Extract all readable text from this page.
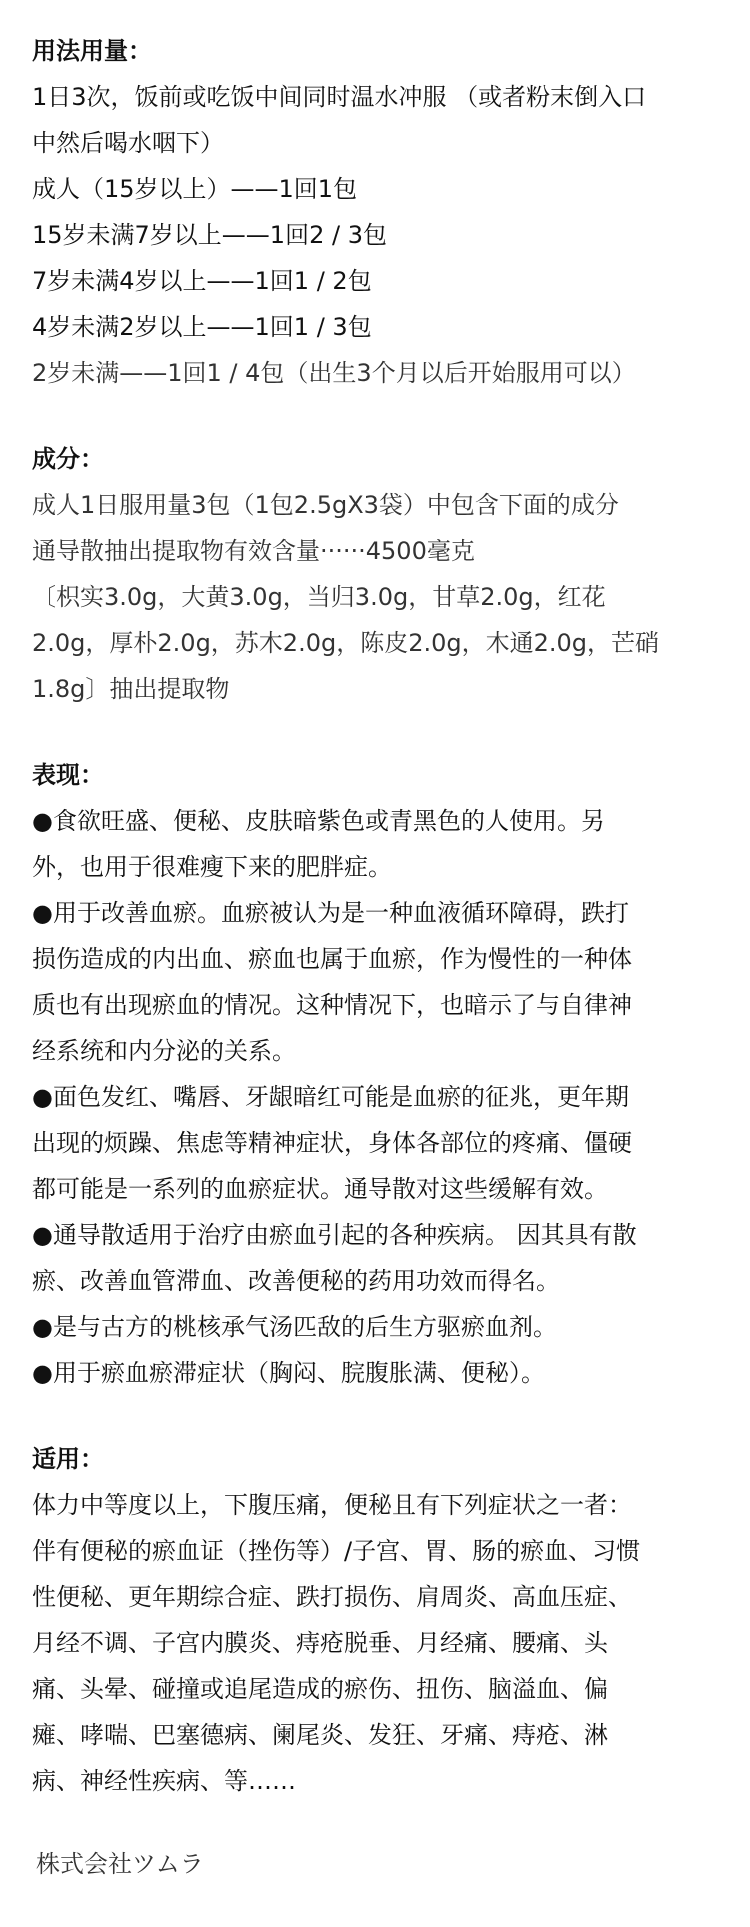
用法用量：

1日3次，饭前或吃饭中间同时温水冲服 （或者粉末倒入口

中然后喝水咽下）

成人（15岁以上）——1回1包

15岁未满7岁以上——1回2 / 3包

7岁未满4岁以上——1回1 / 2包

4岁未满2岁以上——1回1 / 3包

2岁未满——1回1 / 4包（出生3个月以后开始服用可以）

成分：

成人1日服用量3包（1包2.5gX3袋）中包含下面的成分

通导散抽出提取物有效含量······4500毫克

〔枳实3.0g，大黄3.0g，当归3.0g，甘草2.0g，红花

2.0g，厚朴2.0g，苏木2.0g，陈皮2.0g，木通2.0g，芒硝

1.8g〕抽出提取物

表现：

●食欲旺盛、便秘、皮肤暗紫色或青黑色的人使用。另

外，也用于很难瘦下来的肥胖症。

●用于改善血瘀。血瘀被认为是一种血液循环障碍，跌打

损伤造成的内出血、瘀血也属于血瘀，作为慢性的一种体

质也有出现瘀血的情况。这种情况下，也暗示了与自律神

经系统和内分泌的关系。

●面色发红、嘴唇、牙龈暗红可能是血瘀的征兆，更年期

出现的烦躁、焦虑等精神症状，身体各部位的疼痛、僵硬

都可能是一系列的血瘀症状。通导散对这些缓解有效。

●通导散适用于治疗由瘀血引起的各种疾病。 因其具有散

瘀、改善血管滞血、改善便秘的药用功效而得名。

●是与古方的桃核承气汤匹敌的后生方驱瘀血剂。

●用于瘀血瘀滞症状（胸闷、脘腹胀满、便秘）。

适用：

体力中等度以上，下腹压痛，便秘且有下列症状之一者：

伴有便秘的瘀血证（挫伤等）/子宫、胃、肠的瘀血、习惯

性便秘、更年期综合症、跌打损伤、肩周炎、高血压症、

月经不调、子宫内膜炎、痔疮脱垂、月经痛、腰痛、头

痛、头晕、碰撞或追尾造成的瘀伤、扭伤、脑溢血、偏

瘫、哮喘、巴塞德病、阑尾炎、发狂、牙痛、痔疮、淋

病、神经性疾病、等……

株式会社ツムラ
